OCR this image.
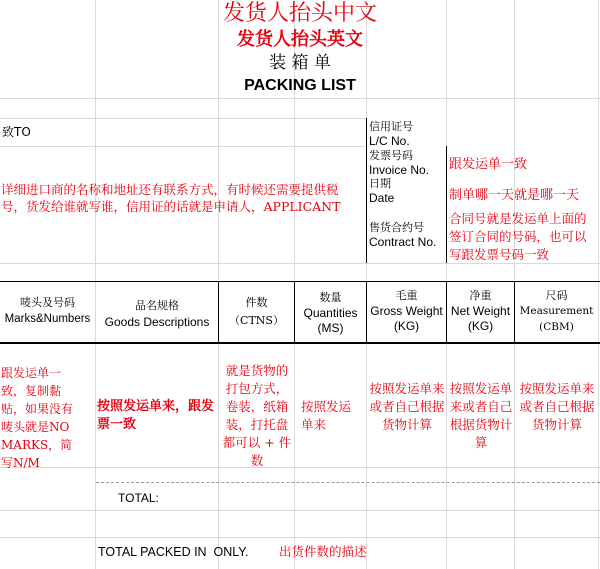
发货人抬头中文
发货人抬头英文
装 箱 单
PACKING LIST
致TO
详细进口商的名称和地址还有联系方式，有时候还需要提供税号，货发给谁就写谁，信用证的话就是申请人，APPLICANT
信用证号
L/C No.
发票号码
Invoice No. 跟发运单一致
日期
Date	制单哪一天就是哪一天
售货合约号
Contract No.
合同号就是发运单上面的签订合同的号码，也可以写跟发票号码一致
唛头及号码
Marks&Numbers
品名规格
Goods Descriptions
件数
（CTNS）
数量
Quantities
(MS)
毛重
Gross Weight
(KG)
净重
Net Weight
(KG)
尺码
Measurement
(CBM)
跟发运单一致，复制黏贴，如果没有唛头就是NO MARKS，简写N/M
按照发运单来，跟发票一致
就是货物的打包方式，卷装，纸箱装，打托盘都可以 + 件数
按照发运单来
按照发运单来或者自己根据货物计算
按照发运单来或者自己根据货物计算
按照发运单来或者自己根据货物计算
TOTAL:
TOTAL PACKED IN  ONLY. 出货件数的描述
